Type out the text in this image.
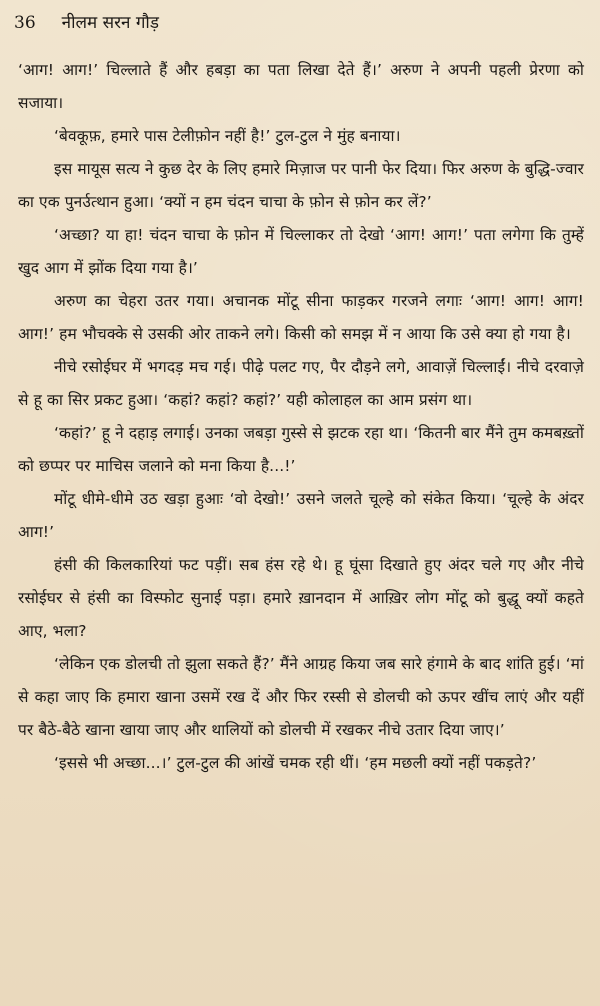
36 नीलम सरन गौड़

‘आग! आग!’ चिल्लाते हैं और हबड़ा का पता लिखा देते हैं।’ अरुण ने अपनी पहली प्रेरणा को सजाया।

‘बेवकूफ़, हमारे पास टेलीफ़ोन नहीं है!’ टुल-टुल ने मुंह बनाया।

इस मायूस सत्य ने कुछ देर के लिए हमारे मिज़ाज पर पानी फेर दिया। फिर अरुण के बुद्धि-ज्वार का एक पुनर्उत्थान हुआ। ‘क्यों न हम चंदन चाचा के फ़ोन से फ़ोन कर लें?’

‘अच्छा? या हा! चंदन चाचा के फ़ोन में चिल्लाकर तो देखो ‘आग! आग!’ पता लगेगा कि तुम्हें खुद आग में झोंक दिया गया है।’

अरुण का चेहरा उतर गया। अचानक मोंटू सीना फाड़कर गरजने लगाः ‘आग! आग! आग! आग!’ हम भौचक्के से उसकी ओर ताकने लगे। किसी को समझ में न आया कि उसे क्या हो गया है।

नीचे रसोईघर में भगदड़ मच गई। पीढ़े पलट गए, पैर दौड़ने लगे, आवाज़ें चिल्लाईं। नीचे दरवाज़े से हू का सिर प्रकट हुआ। ‘कहां? कहां? कहां?’ यही कोलाहल का आम प्रसंग था।

‘कहां?’ हू ने दहाड़ लगाई। उनका जबड़ा गुस्से से झटक रहा था। ‘कितनी बार मैंने तुम कमबख़्तों को छप्पर पर माचिस जलाने को मना किया है...!’

मोंटू धीमे-धीमे उठ खड़ा हुआः ‘वो देखो!’ उसने जलते चूल्हे को संकेत किया। ‘चूल्हे के अंदर आग!’

हंसी की किलकारियां फट पड़ीं। सब हंस रहे थे। हू घूंसा दिखाते हुए अंदर चले गए और नीचे रसोईघर से हंसी का विस्फोट सुनाई पड़ा। हमारे ख़ानदान में आख़िर लोग मोंटू को बुद्धू क्यों कहते आए, भला?

‘लेकिन एक डोलची तो झुला सकते हैं?’ मैंने आग्रह किया जब सारे हंगामे के बाद शांति हुई। ‘मां से कहा जाए कि हमारा खाना उसमें रख दें और फिर रस्सी से डोलची को ऊपर खींच लाएं और यहीं पर बैठे-बैठे खाना खाया जाए और थालियों को डोलची में रखकर नीचे उतार दिया जाए।’

‘इससे भी अच्छा...।’ टुल-टुल की आंखें चमक रही थीं। ‘हम मछली क्यों नहीं पकड़ते?’
